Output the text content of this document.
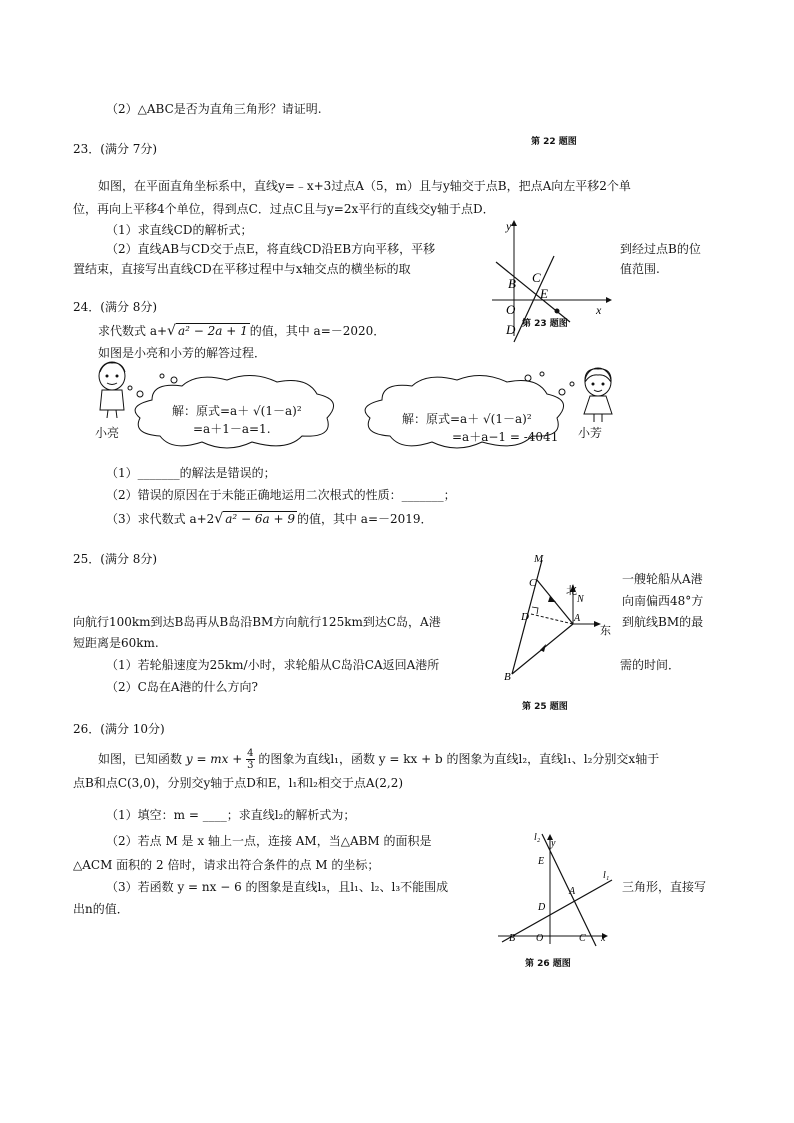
（2）△ABC是否为直角三角形？请证明.
第 22 题图
23．(满分 7分)
如图，在平面直角坐标系中，直线y=﹣x+3过点A（5，m）且与y轴交于点B，把点A向左平移2个单
位，再向上平移4个单位，得到点C．过点C且与y=2x平行的直线交y轴于点D．
（1）求直线CD的解析式；
（2）直线AB与CD交于点E，将直线CD沿EB方向平移，平移	到经过点B的位
置结束，直接写出直线CD在平移过程中与x轴交点的横坐标的取	值范围.
y
x
C
B
E
O
D 第 23 题图
24．(满分 8分)
求代数式 a+√ a² − 2a + 1 的值，其中 a=－2020．
如图是小亮和小芳的解答过程．
小亮
解：原式=a＋ √(1－a)²
=a＋1－a=1.
解：原式=a＋ √(1－a)²
=a＋a−1 = -4041 小芳
（1）_______的解法是错误的；
（2）错误的原因在于未能正确地运用二次根式的性质：_______；
（3）求代数式 a+2√ a² − 6a + 9 的值，其中 a=－2019．
25．(满分 8分)
一艘轮船从A港
向南偏西48°方
向航行100km到达B岛再从B岛沿BM方向航行125km到达C岛，A港	到航线BM的最
短距离是60km.
（1）若轮船速度为25km/小时，求轮船从C岛沿CA返回A港所	需的时间．
（2）C岛在A港的什么方向?
M
C
北
N
D	A
东
B
第 25 题图
26．(满分 10分)
如图，已知函数 y = mx + 4
3 的图象为直线l₁，函数 y = kx + b 的图象为直线l₂，直线l₁、l₂分别交x轴于
点B和点C(3,0)，分别交y轴于点D和E，l₁和l₂相交于点A(2,2)
（1）填空：m = ____；求直线l₂的解析式为；
（2）若点 M 是 x 轴上一点，连接 AM，当△ABM 的面积是
△ACM 面积的 2 倍时，请求出符合条件的点 M 的坐标；
（3）若函数 y = nx − 6 的图象是直线l₃，且l₁、l₂、l₃不能围成	三角形，直接写
出n的值．
l₂
y
E
l₁
A
D
B O	C x
第 26 题图
